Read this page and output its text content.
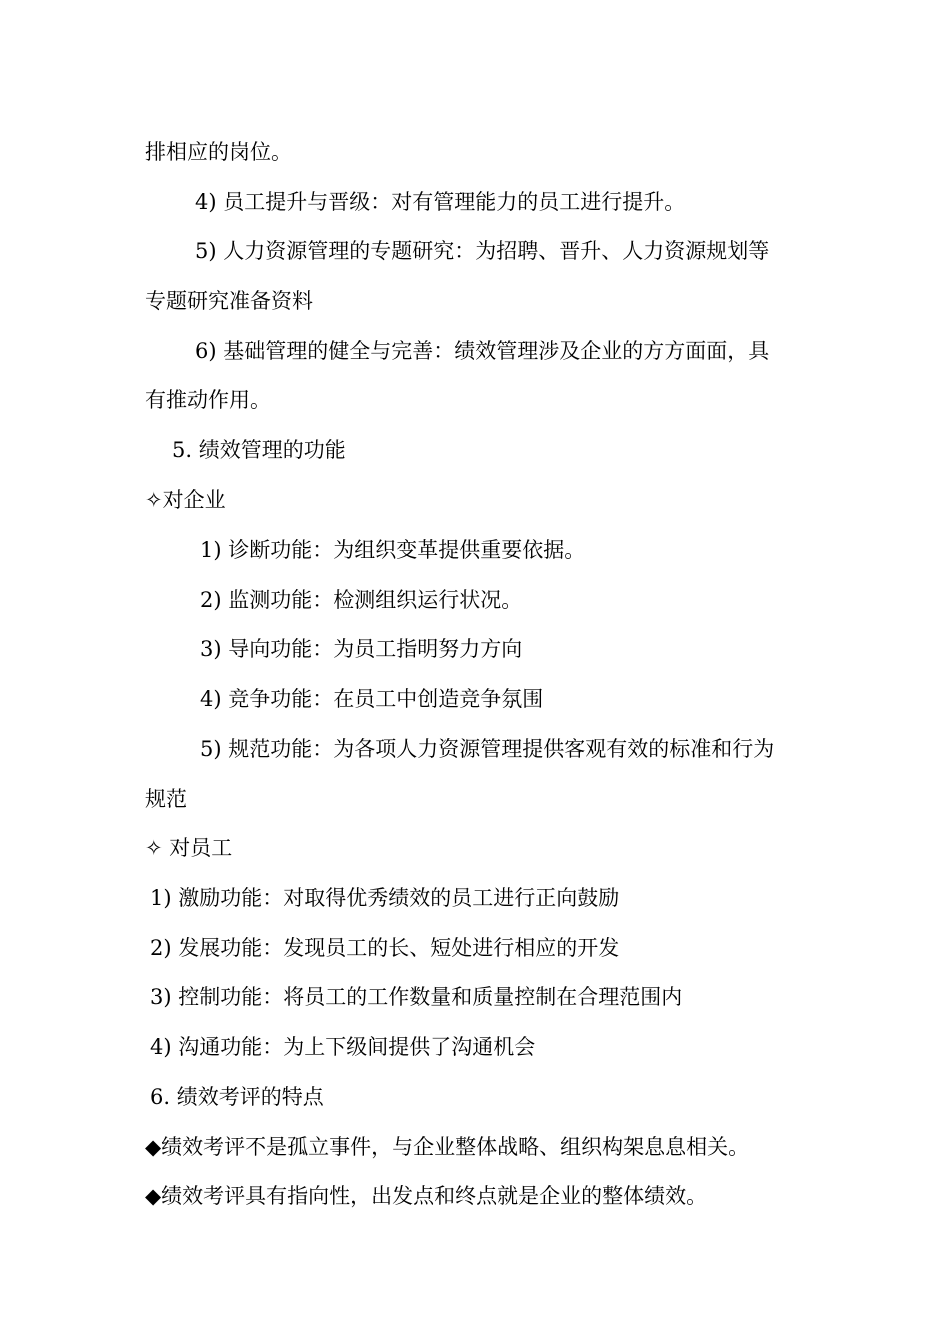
排相应的岗位。
4) 员工提升与晋级：对有管理能力的员工进行提升。
5) 人力资源管理的专题研究：为招聘、晋升、人力资源规划等
专题研究准备资料
6) 基础管理的健全与完善：绩效管理涉及企业的方方面面，具
有推动作用。
5. 绩效管理的功能
✧对企业
1) 诊断功能：为组织变革提供重要依据。
2) 监测功能：检测组织运行状况。
3) 导向功能：为员工指明努力方向
4) 竞争功能：在员工中创造竞争氛围
5) 规范功能：为各项人力资源管理提供客观有效的标准和行为
规范
✧ 对员工
1) 激励功能：对取得优秀绩效的员工进行正向鼓励
2) 发展功能：发现员工的长、短处进行相应的开发
3) 控制功能：将员工的工作数量和质量控制在合理范围内
4) 沟通功能：为上下级间提供了沟通机会
6. 绩效考评的特点
◆绩效考评不是孤立事件，与企业整体战略、组织构架息息相关。
◆绩效考评具有指向性，出发点和终点就是企业的整体绩效。
